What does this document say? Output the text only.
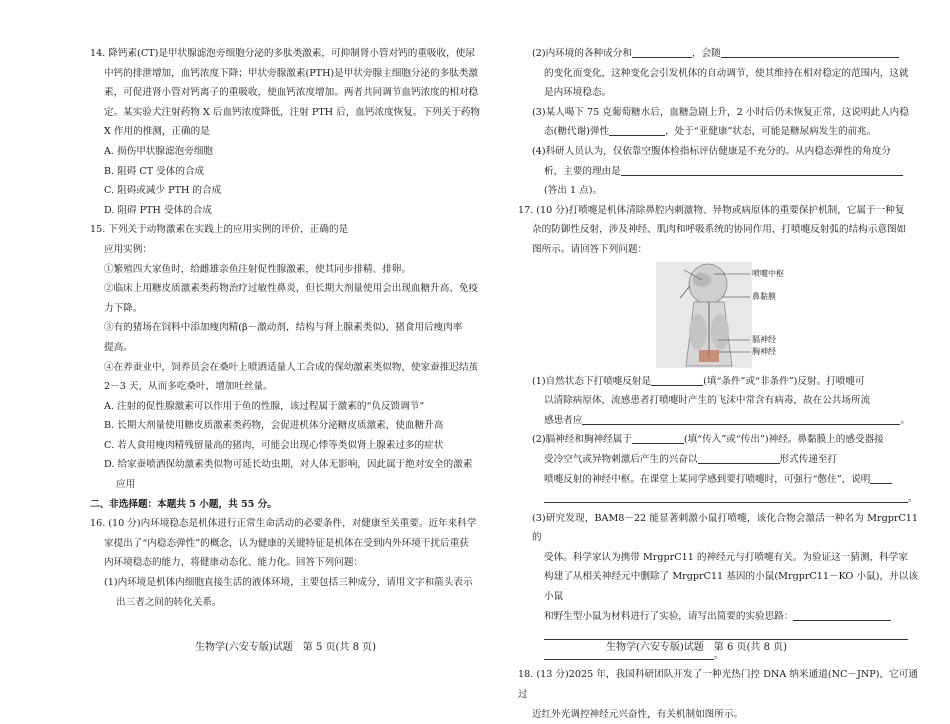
14. 降钙素(CT)是甲状腺滤泡旁细胞分泌的多肽类激素，可抑制肾小管对钙的重吸收，使尿

中钙的排泄增加，血钙浓度下降；甲状旁腺激素(PTH)是甲状旁腺主细胞分泌的多肽类激

素，可促进肾小管对钙离子的重吸收，使血钙浓度增加。两者共同调节血钙浓度的相对稳

定。某实验犬注射药物 X 后血钙浓度降低，注射 PTH 后，血钙浓度恢复。下列关于药物

X 作用的推测，正确的是

A. 损伤甲状腺滤泡旁细胞

B. 阻碍 CT 受体的合成

C. 阻碍或减少 PTH 的合成

D. 阻碍 PTH 受体的合成

15. 下列关于动物激素在实践上的应用实例的评价，正确的是

应用实例：

①繁殖四大家鱼时，给雌雄亲鱼注射促性腺激素，使其同步排精、排卵。

②临床上用糖皮质激素类药物治疗过敏性鼻炎，但长期大剂量使用会出现血糖升高、免疫

力下降。

③有的猪场在饲料中添加瘦肉精(β－激动剂，结构与肾上腺素类似)，猪食用后瘦肉率

提高。

④在养蚕业中，饲养员会在桑叶上喷洒适量人工合成的保幼激素类似物，使家蚕推迟结茧

2－3 天，从而多吃桑叶，增加吐丝量。

A. 注射的促性腺激素可以作用于鱼的性腺，该过程属于激素的“负反馈调节”

B. 长期大剂量使用糖皮质激素类药物，会促进机体分泌糖皮质激素，使血糖升高

C. 若人食用瘦肉精残留量高的猪肉，可能会出现心悸等类似肾上腺素过多的症状

D. 给家蚕喷洒保幼激素类似物可延长幼虫期，对人体无影响，因此属于绝对安全的激素

应用

二、非选择题：本题共 5 小题，共 55 分。

16. (10 分)内环境稳态是机体进行正常生命活动的必要条件，对健康至关重要。近年来科学

家提出了“内稳态弹性”的概念，认为健康的关键特征是机体在受到内外环境干扰后重获

内环境稳态的能力，将健康动态化、能力化。回答下列问题：

(1)内环境是机体内细胞直接生活的液体环境，主要包括三种成分，请用文字和箭头表示

出三者之间的转化关系。

(2)内环境的各种成分和	，会随

的变化而变化，这种变化会引发机体的自动调节，使其维持在相对稳定的范围内，这就

是内环境稳态。

(3)某人喝下 75 克葡萄糖水后，血糖急剧上升，2 小时后仍未恢复正常，这说明此人内稳

态(糖代谢)弹性	，处于“亚健康”状态，可能是糖尿病发生的前兆。

(4)科研人员认为，仅依靠空腹体检指标评估健康是不充分的。从内稳态弹性的角度分

析，主要的理由是

(答出 1 点)。

17. (10 分)打喷嚏是机体清除鼻腔内刺激物、异物或病原体的重要保护机制，它属于一种复

杂的防御性反射，涉及神经、肌肉和呼吸系统的协同作用，打喷嚏反射弧的结构示意图如

图所示。请回答下列问题：

喷嚏中枢
鼻黏膜
膈神经
胸神经

(1)自然状态下打喷嚏反射是	(填“条件”或“非条件”)反射。打喷嚏可

以清除病原体，流感患者打喷嚏时产生的飞沫中常含有病毒，故在公共场所流

感患者应	。

(2)膈神经和胸神经属于	(填“传入”或“传出”)神经。鼻黏膜上的感受器接

受冷空气或异物刺激后产生的兴奋以	形式传递至打

喷嚏反射的神经中枢。在课堂上某同学感到要打喷嚏时，可强行“憋住”，说明

。

(3)研究发现，BAM8－22 能显著刺激小鼠打喷嚏，该化合物会激活一种名为 MrgprC11 的

受体。科学家认为携带 MrgprC11 的神经元与打喷嚏有关。为验证这一猜测，科学家

构建了从相关神经元中删除了 MrgprC11 基因的小鼠(MrgprC11－KO 小鼠)，并以该小鼠

和野生型小鼠为材料进行了实验，请写出简要的实验思路：

。

18. (13 分)2025 年，我国科研团队开发了一种光热门控 DNA 纳米通道(NC－JNP)，它可通过

近红外光调控神经元兴奋性，有关机制如图所示。

生物学(六安专版)试题　第 5 页(共 8 页)	生物学(六安专版)试题　第 6 页(共 8 页)
